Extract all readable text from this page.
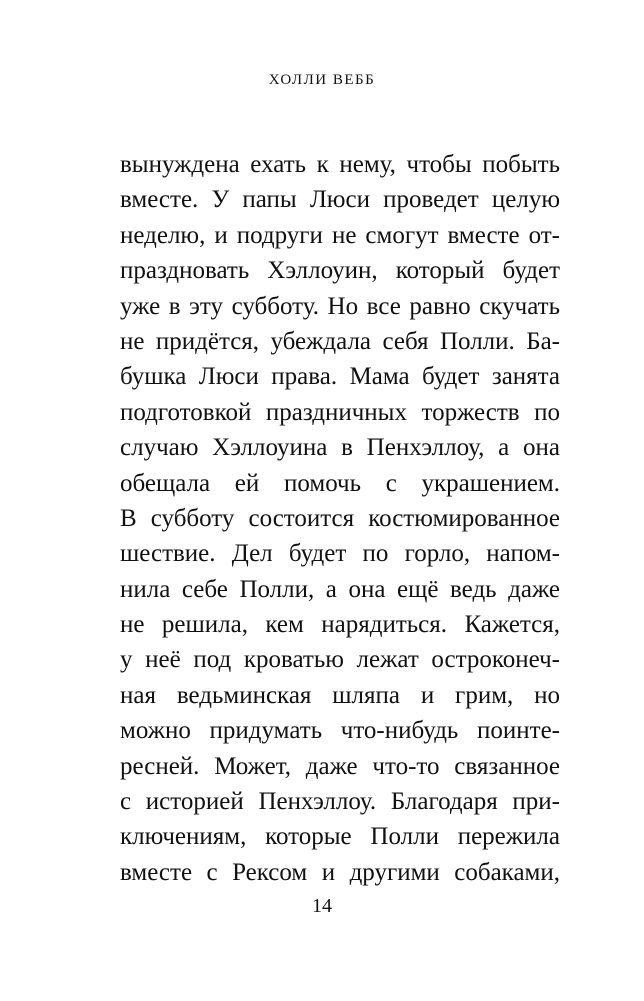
ХОЛЛИ ВЕББ
вынуждена ехать к нему, чтобы побыть
вместе. У папы Люси проведет целую
неделю, и подруги не смогут вместе от-
праздновать Хэллоуин, который будет
уже в эту субботу. Но все равно скучать
не придётся, убеждала себя Полли. Ба-
бушка Люси права. Мама будет занята
подготовкой праздничных торжеств по
случаю Хэллоуина в Пенхэллоу, а она
обещала ей помочь с украшением.
В субботу состоится костюмированное
шествие. Дел будет по горло, напом-
нила себе Полли, а она ещё ведь даже
не решила, кем нарядиться. Кажется,
у неё под кроватью лежат остроконеч-
ная ведьминская шляпа и грим, но
можно придумать что-нибудь поинте-
ресней. Может, даже что-то связанное
с историей Пенхэллоу. Благодаря при-
ключениям, которые Полли пережила
вместе с Рексом и другими собаками,
14
